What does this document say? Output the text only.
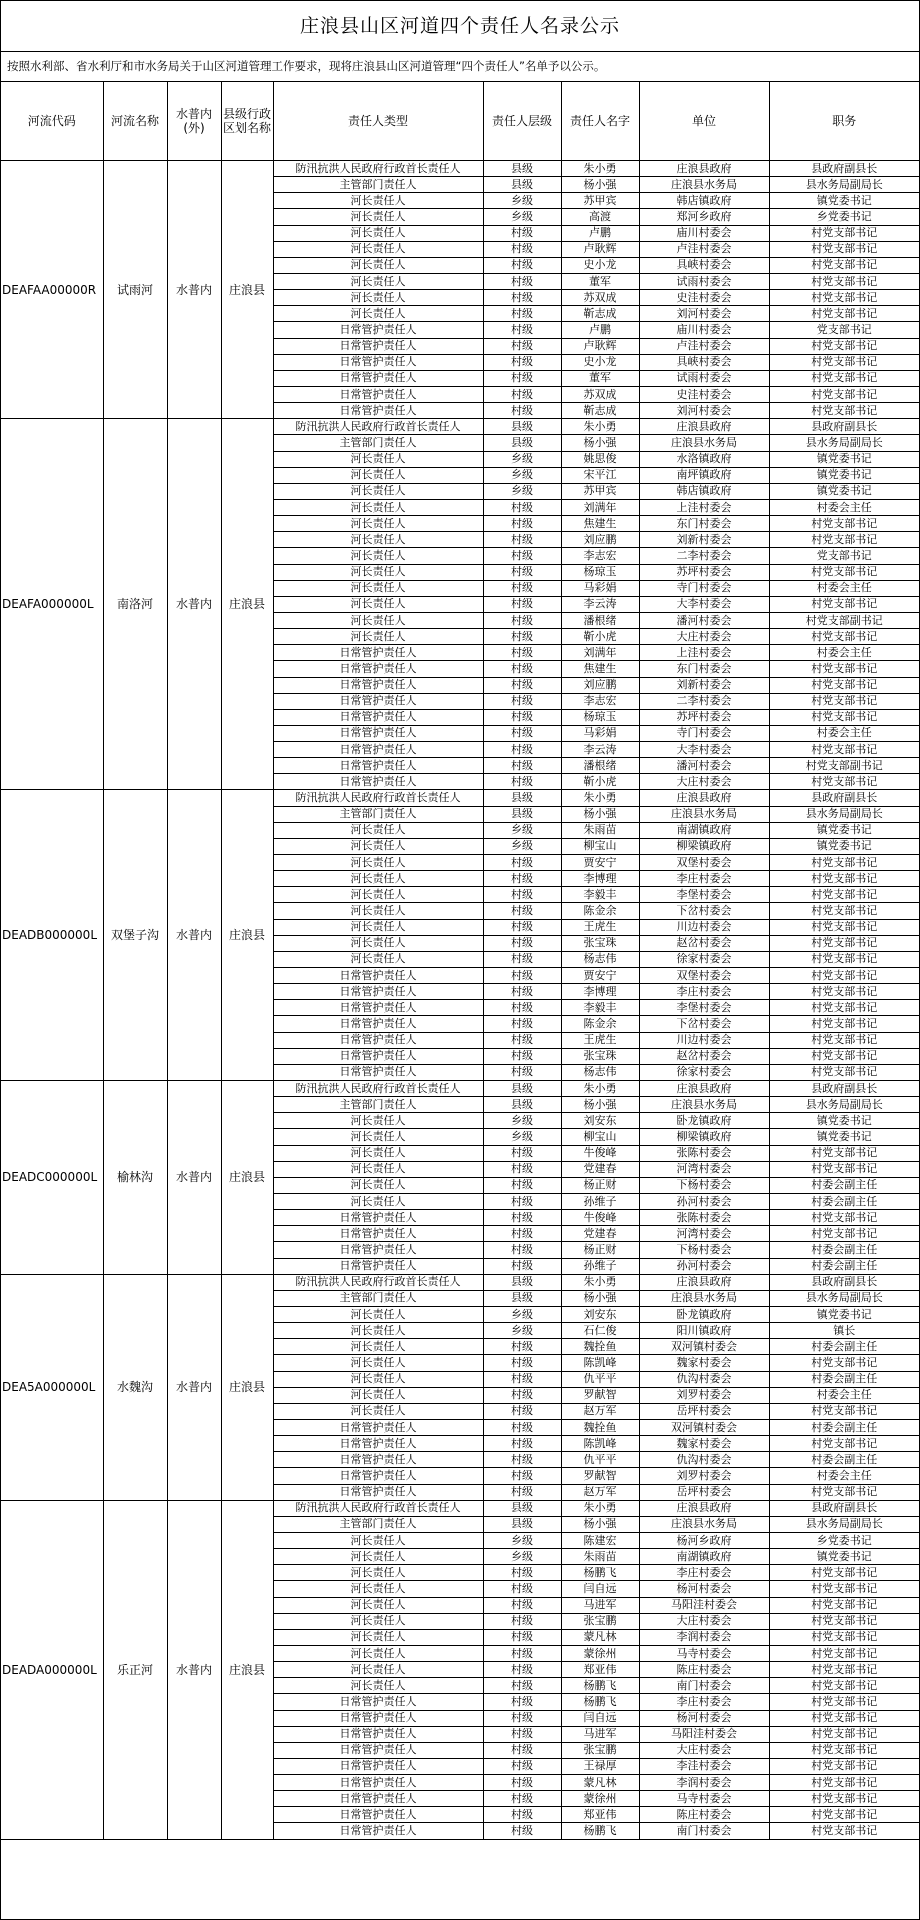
庄浪县山区河道四个责任人名录公示
按照水利部、省水利厅和市水务局关于山区河道管理工作要求，现将庄浪县山区河道管理“四个责任人”名单予以公示。
河流代码	河流名称	水普内(外)	县级行政区划名称	责任人类型	责任人层级	责任人名字	单位	职务
DEAFAA00000R	试雨河	水普内	庄浪县	防汛抗洪人民政府行政首长责任人	县级	朱小勇	庄浪县政府	县政府副县长
				主管部门责任人	县级	杨小强	庄浪县水务局	县水务局副局长
				河长责任人	乡级	苏甲宾	韩店镇政府	镇党委书记
				河长责任人	乡级	高渡	郑河乡政府	乡党委书记
				河长责任人	村级	卢鹏	庙川村委会	村党支部书记
				河长责任人	村级	卢耿辉	卢洼村委会	村党支部书记
				河长责任人	村级	史小龙	具峡村委会	村党支部书记
				河长责任人	村级	董军	试雨村委会	村党支部书记
				河长责任人	村级	苏双成	史洼村委会	村党支部书记
				河长责任人	村级	靳志成	刘河村委会	村党支部书记
				日常管护责任人	村级	卢鹏	庙川村委会	党支部书记
				日常管护责任人	村级	卢耿辉	卢洼村委会	村党支部书记
				日常管护责任人	村级	史小龙	具峡村委会	村党支部书记
				日常管护责任人	村级	董军	试雨村委会	村党支部书记
				日常管护责任人	村级	苏双成	史洼村委会	村党支部书记
				日常管护责任人	村级	靳志成	刘河村委会	村党支部书记
DEAFA000000L	南洛河	水普内	庄浪县	防汛抗洪人民政府行政首长责任人	县级	朱小勇	庄浪县政府	县政府副县长
				主管部门责任人	县级	杨小强	庄浪县水务局	县水务局副局长
				河长责任人	乡级	姚思俊	水洛镇政府	镇党委书记
				河长责任人	乡级	宋平江	南坪镇政府	镇党委书记
				河长责任人	乡级	苏甲宾	韩店镇政府	镇党委书记
				河长责任人	村级	刘满年	上洼村委会	村委会主任
				河长责任人	村级	焦建生	东门村委会	村党支部书记
				河长责任人	村级	刘应鹏	刘新村委会	村党支部书记
				河长责任人	村级	李志宏	二李村委会	党支部书记
				河长责任人	村级	杨琼玉	苏坪村委会	村党支部书记
				河长责任人	村级	马彩娟	寺门村委会	村委会主任
				河长责任人	村级	李云涛	大李村委会	村党支部书记
				河长责任人	村级	潘根绪	潘河村委会	村党支部副书记
				河长责任人	村级	靳小虎	大庄村委会	村党支部书记
				日常管护责任人	村级	刘满年	上洼村委会	村委会主任
				日常管护责任人	村级	焦建生	东门村委会	村党支部书记
				日常管护责任人	村级	刘应鹏	刘新村委会	村党支部书记
				日常管护责任人	村级	李志宏	二李村委会	村党支部书记
				日常管护责任人	村级	杨琼玉	苏坪村委会	村党支部书记
				日常管护责任人	村级	马彩娟	寺门村委会	村委会主任
				日常管护责任人	村级	李云涛	大李村委会	村党支部书记
				日常管护责任人	村级	潘根绪	潘河村委会	村党支部副书记
				日常管护责任人	村级	靳小虎	大庄村委会	村党支部书记
DEADB000000L	双堡子沟	水普内	庄浪县	防汛抗洪人民政府行政首长责任人	县级	朱小勇	庄浪县政府	县政府副县长
				主管部门责任人	县级	杨小强	庄浪县水务局	县水务局副局长
				河长责任人	乡级	朱雨苗	南湖镇政府	镇党委书记
				河长责任人	乡级	柳宝山	柳梁镇政府	镇党委书记
				河长责任人	村级	贾安宁	双堡村委会	村党支部书记
				河长责任人	村级	李博理	李庄村委会	村党支部书记
				河长责任人	村级	李毅丰	李堡村委会	村党支部书记
				河长责任人	村级	陈金余	下岔村委会	村党支部书记
				河长责任人	村级	王虎生	川边村委会	村党支部书记
				河长责任人	村级	张宝珠	赵岔村委会	村党支部书记
				河长责任人	村级	杨志伟	徐家村委会	村党支部书记
				日常管护责任人	村级	贾安宁	双堡村委会	村党支部书记
				日常管护责任人	村级	李博理	李庄村委会	村党支部书记
				日常管护责任人	村级	李毅丰	李堡村委会	村党支部书记
				日常管护责任人	村级	陈金余	下岔村委会	村党支部书记
				日常管护责任人	村级	王虎生	川边村委会	村党支部书记
				日常管护责任人	村级	张宝珠	赵岔村委会	村党支部书记
				日常管护责任人	村级	杨志伟	徐家村委会	村党支部书记
DEADC000000L	榆林沟	水普内	庄浪县	防汛抗洪人民政府行政首长责任人	县级	朱小勇	庄浪县政府	县政府副县长
				主管部门责任人	县级	杨小强	庄浪县水务局	县水务局副局长
				河长责任人	乡级	刘安东	卧龙镇政府	镇党委书记
				河长责任人	乡级	柳宝山	柳梁镇政府	镇党委书记
				河长责任人	村级	牛俊峰	张陈村委会	村党支部书记
				河长责任人	村级	党建春	河湾村委会	村党支部书记
				河长责任人	村级	杨正财	下杨村委会	村委会副主任
				河长责任人	村级	孙维子	孙河村委会	村委会副主任
				日常管护责任人	村级	牛俊峰	张陈村委会	村党支部书记
				日常管护责任人	村级	党建春	河湾村委会	村党支部书记
				日常管护责任人	村级	杨正财	下杨村委会	村委会副主任
				日常管护责任人	村级	孙维子	孙河村委会	村委会副主任
DEA5A000000L	水魏沟	水普内	庄浪县	防汛抗洪人民政府行政首长责任人	县级	朱小勇	庄浪县政府	县政府副县长
				主管部门责任人	县级	杨小强	庄浪县水务局	县水务局副局长
				河长责任人	乡级	刘安东	卧龙镇政府	镇党委书记
				河长责任人	乡级	石仁俊	阳川镇政府	镇长
				河长责任人	村级	魏拴鱼	双河镇村委会	村委会副主任
				河长责任人	村级	陈凯峰	魏家村委会	村党支部书记
				河长责任人	村级	仇平平	仇沟村委会	村委会副主任
				河长责任人	村级	罗献智	刘罗村委会	村委会主任
				河长责任人	村级	赵万军	岳坪村委会	村党支部书记
				日常管护责任人	村级	魏拴鱼	双河镇村委会	村委会副主任
				日常管护责任人	村级	陈凯峰	魏家村委会	村党支部书记
				日常管护责任人	村级	仇平平	仇沟村委会	村委会副主任
				日常管护责任人	村级	罗献智	刘罗村委会	村委会主任
				日常管护责任人	村级	赵万军	岳坪村委会	村党支部书记
DEADA000000L	乐正河	水普内	庄浪县	防汛抗洪人民政府行政首长责任人	县级	朱小勇	庄浪县政府	县政府副县长
				主管部门责任人	县级	杨小强	庄浪县水务局	县水务局副局长
				河长责任人	乡级	陈建宏	杨河乡政府	乡党委书记
				河长责任人	乡级	朱雨苗	南湖镇政府	镇党委书记
				河长责任人	村级	杨鹏飞	李庄村委会	村党支部书记
				河长责任人	村级	闫自远	杨河村委会	村党支部书记
				河长责任人	村级	马进军	马阳洼村委会	村党支部书记
				河长责任人	村级	张宝鹏	大庄村委会	村党支部书记
				河长责任人	村级	蒙凡林	李润村委会	村党支部书记
				河长责任人	村级	蒙徐州	马寺村委会	村党支部书记
				河长责任人	村级	郑亚伟	陈庄村委会	村党支部书记
				河长责任人	村级	杨鹏飞	南门村委会	村党支部书记
				日常管护责任人	村级	杨鹏飞	李庄村委会	村党支部书记
				日常管护责任人	村级	闫自远	杨河村委会	村党支部书记
				日常管护责任人	村级	马进军	马阳洼村委会	村党支部书记
				日常管护责任人	村级	张宝鹏	大庄村委会	村党支部书记
				日常管护责任人	村级	王禄厚	李洼村委会	村党支部书记
				日常管护责任人	村级	蒙凡林	李润村委会	村党支部书记
				日常管护责任人	村级	蒙徐州	马寺村委会	村党支部书记
				日常管护责任人	村级	郑亚伟	陈庄村委会	村党支部书记
				日常管护责任人	村级	杨鹏飞	南门村委会	村党支部书记
